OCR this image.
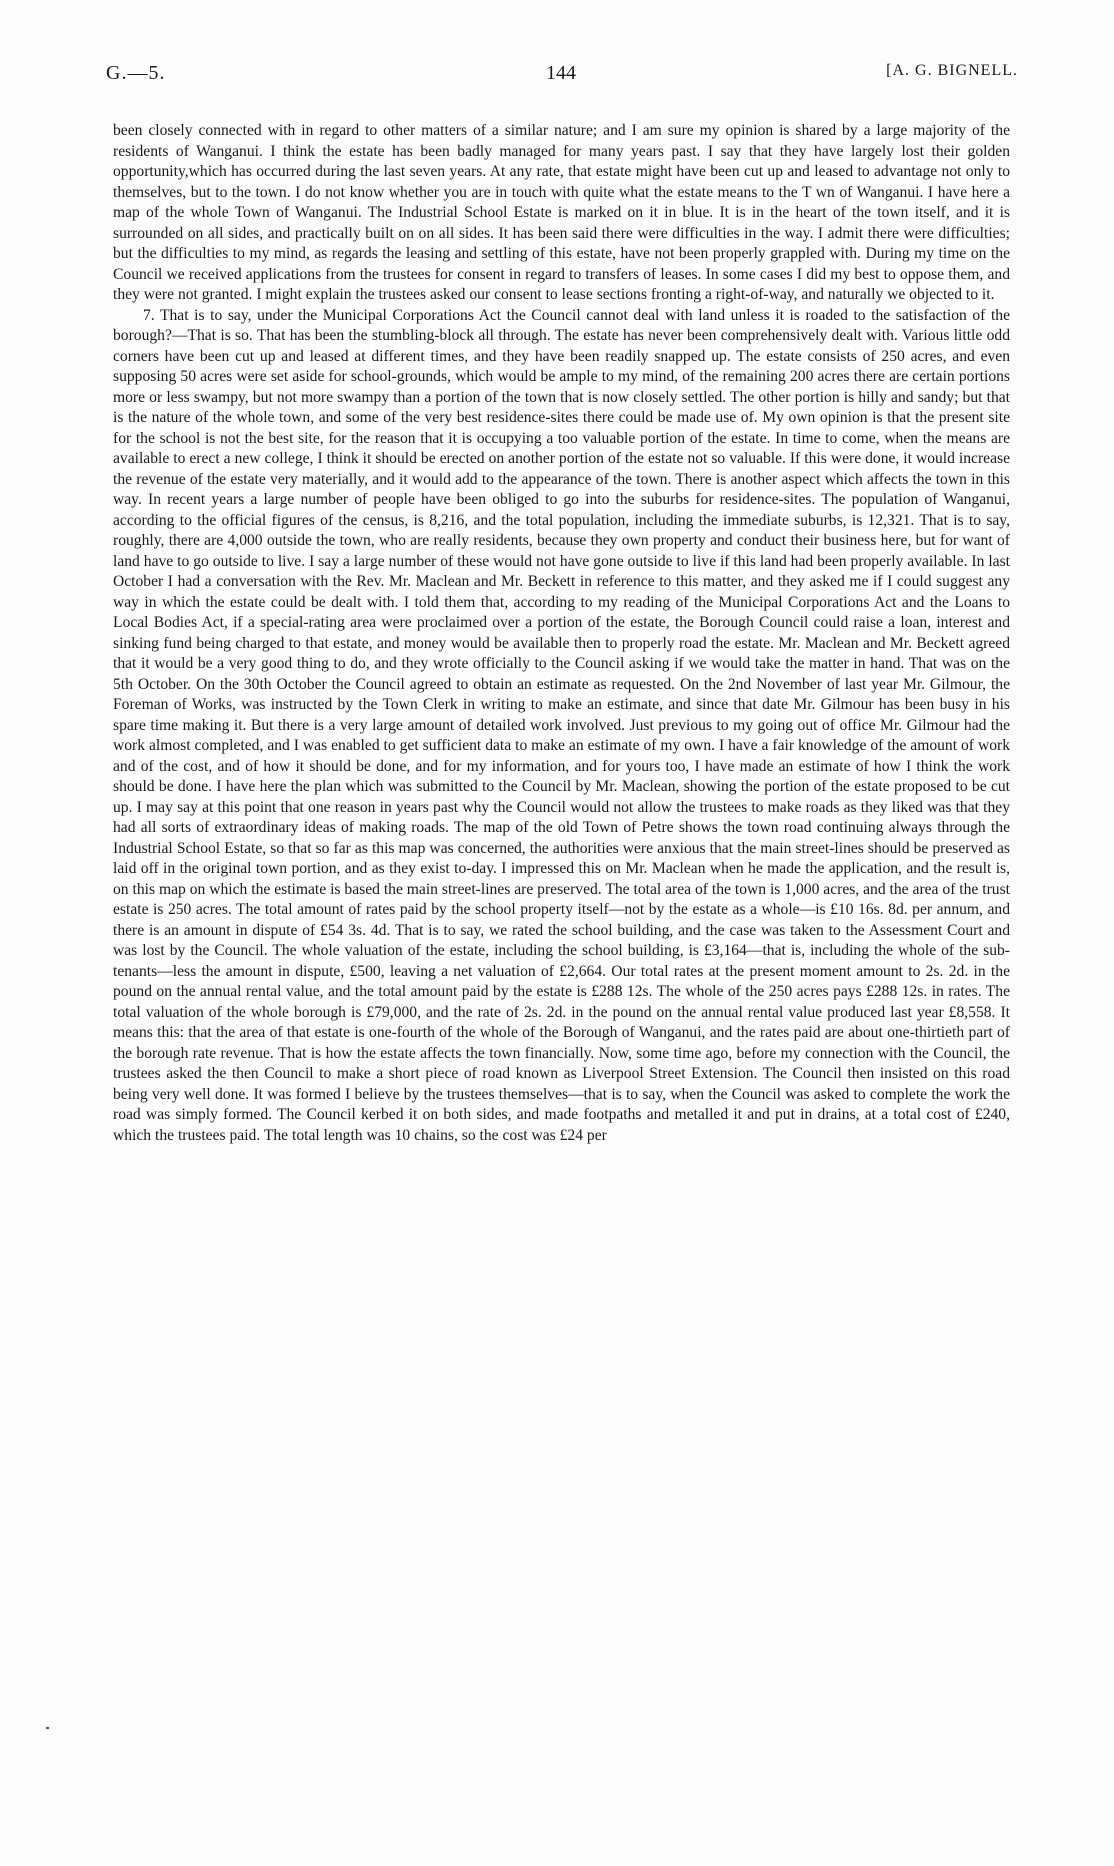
G.—5.	144	[A. G. BIGNELL.

been closely connected with in regard to other matters of a similar nature; and I am sure my opinion is shared by a large majority of the residents of Wanganui. I think the estate has been badly managed for many years past. I say that they have largely lost their golden opportunity,which has occurred during the last seven years. At any rate, that estate might have been cut up and leased to advantage not only to themselves, but to the town. I do not know whether you are in touch with quite what the estate means to the T wn of Wanganui. I have here a map of the whole Town of Wanganui. The Industrial School Estate is marked on it in blue. It is in the heart of the town itself, and it is surrounded on all sides, and practically built on on all sides. It has been said there were difficulties in the way. I admit there were difficulties; but the difficulties to my mind, as regards the leasing and settling of this estate, have not been properly grappled with. During my time on the Council we received applications from the trustees for consent in regard to transfers of leases. In some cases I did my best to oppose them, and they were not granted. I might explain the trustees asked our consent to lease sections fronting a right-of-way, and naturally we objected to it.

7. That is to say, under the Municipal Corporations Act the Council cannot deal with land unless it is roaded to the satisfaction of the borough?—That is so. That has been the stumbling-block all through. The estate has never been comprehensively dealt with. Various little odd corners have been cut up and leased at different times, and they have been readily snapped up. The estate consists of 250 acres, and even supposing 50 acres were set aside for school-grounds, which would be ample to my mind, of the remaining 200 acres there are certain portions more or less swampy, but not more swampy than a portion of the town that is now closely settled. The other portion is hilly and sandy; but that is the nature of the whole town, and some of the very best residence-sites there could be made use of. My own opinion is that the present site for the school is not the best site, for the reason that it is occupying a too valuable portion of the estate. In time to come, when the means are available to erect a new college, I think it should be erected on another portion of the estate not so valuable. If this were done, it would increase the revenue of the estate very materially, and it would add to the appearance of the town. There is another aspect which affects the town in this way. In recent years a large number of people have been obliged to go into the suburbs for residence-sites. The population of Wanganui, according to the official figures of the census, is 8,216, and the total population, including the immediate suburbs, is 12,321. That is to say, roughly, there are 4,000 outside the town, who are really residents, because they own property and conduct their business here, but for want of land have to go outside to live. I say a large number of these would not have gone outside to live if this land had been properly available. In last October I had a conversation with the Rev. Mr. Maclean and Mr. Beckett in reference to this matter, and they asked me if I could suggest any way in which the estate could be dealt with. I told them that, according to my reading of the Municipal Corporations Act and the Loans to Local Bodies Act, if a special-rating area were proclaimed over a portion of the estate, the Borough Council could raise a loan, interest and sinking fund being charged to that estate, and money would be available then to properly road the estate. Mr. Maclean and Mr. Beckett agreed that it would be a very good thing to do, and they wrote officially to the Council asking if we would take the matter in hand. That was on the 5th October. On the 30th October the Council agreed to obtain an estimate as requested. On the 2nd November of last year Mr. Gilmour, the Foreman of Works, was instructed by the Town Clerk in writing to make an estimate, and since that date Mr. Gilmour has been busy in his spare time making it. But there is a very large amount of detailed work involved. Just previous to my going out of office Mr. Gilmour had the work almost completed, and I was enabled to get sufficient data to make an estimate of my own. I have a fair knowledge of the amount of work and of the cost, and of how it should be done, and for my information, and for yours too, I have made an estimate of how I think the work should be done. I have here the plan which was submitted to the Council by Mr. Maclean, showing the portion of the estate proposed to be cut up. I may say at this point that one reason in years past why the Council would not allow the trustees to make roads as they liked was that they had all sorts of extraordinary ideas of making roads. The map of the old Town of Petre shows the town road continuing always through the Industrial School Estate, so that so far as this map was concerned, the authorities were anxious that the main street-lines should be preserved as laid off in the original town portion, and as they exist to-day. I impressed this on Mr. Maclean when he made the application, and the result is, on this map on which the estimate is based the main street-lines are preserved. The total area of the town is 1,000 acres, and the area of the trust estate is 250 acres. The total amount of rates paid by the school property itself—not by the estate as a whole—is £10 16s. 8d. per annum, and there is an amount in dispute of £54 3s. 4d. That is to say, we rated the school building, and the case was taken to the Assessment Court and was lost by the Council. The whole valuation of the estate, including the school building, is £3,164—that is, including the whole of the sub-tenants—less the amount in dispute, £500, leaving a net valuation of £2,664. Our total rates at the present moment amount to 2s. 2d. in the pound on the annual rental value, and the total amount paid by the estate is £288 12s. The whole of the 250 acres pays £288 12s. in rates. The total valuation of the whole borough is £79,000, and the rate of 2s. 2d. in the pound on the annual rental value produced last year £8,558. It means this: that the area of that estate is one-fourth of the whole of the Borough of Wanganui, and the rates paid are about one-thirtieth part of the borough rate revenue. That is how the estate affects the town financially. Now, some time ago, before my connection with the Council, the trustees asked the then Council to make a short piece of road known as Liverpool Street Extension. The Council then insisted on this road being very well done. It was formed I believe by the trustees themselves—that is to say, when the Council was asked to complete the work the road was simply formed. The Council kerbed it on both sides, and made footpaths and metalled it and put in drains, at a total cost of £240, which the trustees paid. The total length was 10 chains, so the cost was £24 per
